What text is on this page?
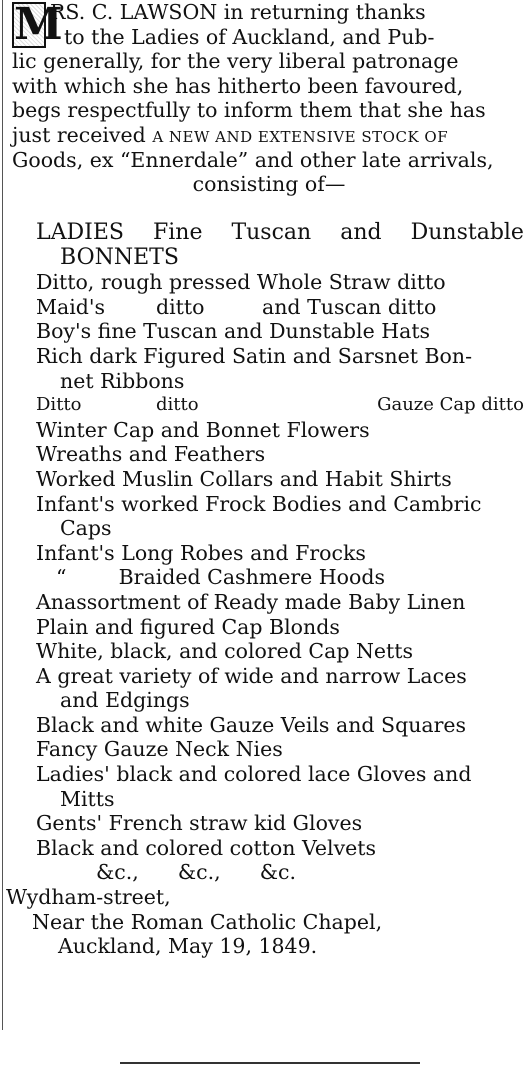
M
RS. C. LAWSON in returning thanks
to the Ladies of Auckland, and Pub-
lic generally, for the very liberal patronage
with which she has hitherto been favoured,
begs respectfully to inform them that she has
just received A NEW AND EXTENSIVE STOCK OF
Goods, ex “Ennerdale” and other late arrivals,
consisting of—
LADIES Fine Tuscan and Dunstable
BONNETS
Ditto, rough pressed Whole Straw ditto
Maid's	ditto	and Tuscan ditto
Boy's fine Tuscan and Dunstable Hats
Rich dark Figured Satin and Sarsnet Bon-
net Ribbons
Ditto	ditto	Gauze Cap ditto
Winter Cap and Bonnet Flowers
Wreaths and Feathers
Worked Muslin Collars and Habit Shirts
Infant's worked Frock Bodies and Cambric
Caps
Infant's Long Robes and Frocks
“        Braided Cashmere Hoods
Anassortment of Ready made Baby Linen
Plain and figured Cap Blonds
White, black, and colored Cap Netts
A great variety of wide and narrow Laces
and Edgings
Black and white Gauze Veils and Squares
Fancy Gauze Neck Nies
Ladies' black and colored lace Gloves and
Mitts
Gents' French straw kid Gloves
Black and colored cotton Velvets
&c.,      &c.,      &c.
Wydham-street,
Near the Roman Catholic Chapel,
Auckland, May 19, 1849.
